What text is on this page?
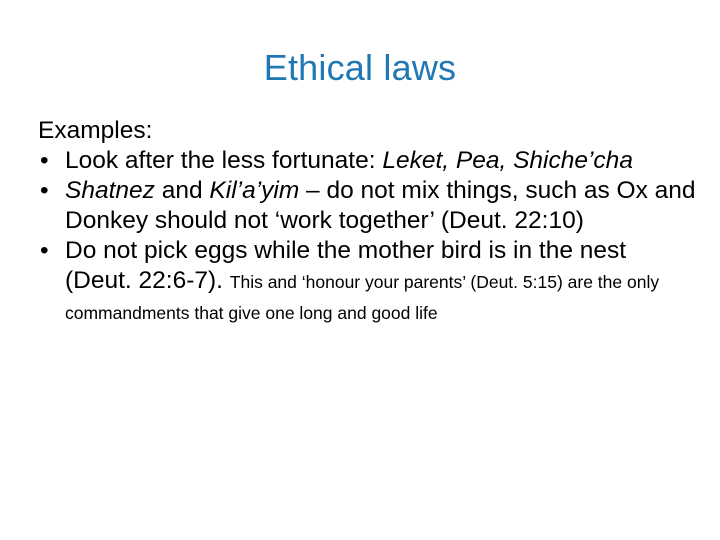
Ethical laws
Examples:
• Look after the less fortunate: Leket, Pea, Shiche’cha
• Shatnez and Kil’a’yim – do not mix things, such as Ox and Donkey should not ‘work together’ (Deut. 22:10)
• Do not pick eggs while the mother bird is in the nest (Deut. 22:6-7). This and ‘honour your parents’ (Deut. 5:15) are the only commandments that give one long and good life
